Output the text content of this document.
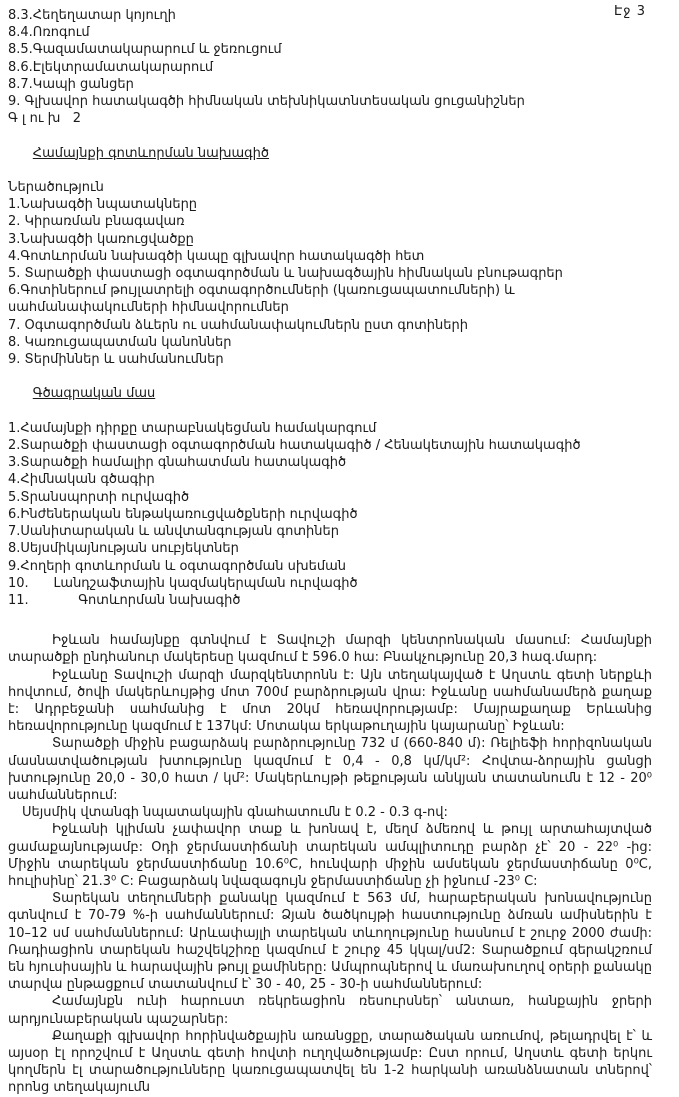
Էջ 3
8.3.Հեղեղատար կոյուղի
8.4.Ոռոգում
8.5.Գազամատակարարում և ջեռուցում
8.6.Էլեկտրամատակարարում
8.7.Կապի ցանցեր
9. Գլխավոր հատակագծի հիմնական տեխնիկատնտեսական ցուցանիշներ
Գ լ ու խ   2

Համայնքի գոտևորման նախագիծ

Ներածություն
1.Նախագծի նպատակները
2. Կիրառման բնագավառ
3.Նախագծի կառուցվածքը
4.Գոտևորման նախագծի կապը գլխավոր հատակագծի հետ
5. Տարածքի փաստացի օգտագործման և նախագծային հիմնական բնութագրեր
6.Գոտիներում թույլատրելի օգտագործումների (կառուցապատումների) և սահմանափակումների հիմնավորումներ
7. Օգտագործման ձևերն ու սահմանափակումներն ըստ գոտիների
8. Կառուցապատման կանոններ
9. Տերմիններ և սահմանումներ

Գծագրական մաս

1.Համայնքի դիրքը տարաբնակեցման համակարգում
2.Տարածքի փաստացի օգտագործման հատակագիծ / Հենակետային հատակագիծ
3.Տարածքի համալիր գնահատման հատակագիծ
4.Հիմնական գծագիր
5.Տրանսպորտի ուրվագիծ
6.Ինժեներական ենթակառուցվածքների ուրվագիծ
7.Սանիտարական և անվտանգության գոտիներ
8.Սեյսմիկայնության սուբյեկտներ
9.Հողերի գոտևորման և օգտագործման սխեման
10.      Լանդշաֆտային կազմակերպման ուրվագիծ
11.            Գոտևորման նախագիծ

Իջևան համայնքը գտնվում է Տավուշի մարզի կենտրոնական մասում: Համայնքի տարածքի ընդհանուր մակերեսը կազմում է 596.0 հա: Բնակչությունը 20,3 հազ.մարդ:

Իջևանը Տավուշի մարզի մարզկենտրոնն է: Այն տեղակայված է Աղստև գետի ներքևի հովտում, ծովի մակերևույթից մոտ 700մ բարձրության վրա: Իջևանը սահմանամերձ քաղաք է: Ադրբեջանի սահմանից է մոտ 20կմ հեռավորությամբ: Մայրաքաղաք Երևանից հեռավորությունը կազմում է 137կմ: Մոտակա երկաթուղային կայարանը՝ Իջևան:

Տարածքի միջին բացարձակ բարձրությունը 732 մ (660-840 մ): Ռելիեֆի հորիզոնական մասնատվածության խտությունը կազմում է 0,4 - 0,8 կմ/կմ²: Հովտա-ձորային ցանցի խտությունը 20,0 - 30,0 հատ / կմ²: Մակերևույթի թեքության անկյան տատանումն է 12 - 20⁰ սահմաններում:

Սեյսմիկ վտանգի նպատակային գնահատումն է 0.2 - 0.3 գ-ով:

Իջևանի կլիման չափավոր տաք և խոնավ է, մեղմ ձմեռով և թույլ արտահայտված ցամաքայնությամբ: Օդի ջերմաստիճանի տարեկան ամպլիտուդը բարձր չէ՝ 20 - 22⁰ -ից: Միջին տարեկան ջերմաստիճանը 10.6⁰C, հունվարի միջին ամսեկան ջերմաստիճանը 0⁰C, հուլիսինը՝ 21.3⁰ C: Բացարձակ նվազագույն ջերմաստիճանը չի իջնում -23⁰ C:

Տարեկան տեղումների քանակը կազմում է 563 մմ, հարաբերական խոնավությունը գտնվում է 70-79 %-ի սահմաններում: Ձյան ծածկույթի հաստությունը ձմռան ամիսներին է 10–12 սմ սահմաններում: Արևափայլի տարեկան տևողությունը հասնում է շուրջ 2000 ժամի: Ռադիացիոն տարեկան հաշվեկշիռը կազմում է շուրջ 45 կկալ/սմ2: Տարածքում գերակշռում են հյուսիսային և հարավային թույլ քամիները: Ամպրոպներով և մառախուղով օրերի քանակը տարվա ընթացքում տատանվում է՝ 30 - 40, 25 - 30-ի սահմաններում:

Համայնքն ունի հարուստ ռեկրեացիոն ռեսուրսներ՝ անտառ, հանքային ջրերի արդյունաբերական պաշարներ:

Քաղաքի գլխավոր հորինվածքային առանցքը, տարածական առումով, թելադրվել է՝ և այսօր էլ որոշվում է Աղստև գետի հովտի ուղղվածությամբ: Ըստ որում, Աղստև գետի երկու կողմերն էլ տարածությունները կառուցապատվել են 1-2 հարկանի առանձնատան տներով՝ որոնց տեղակայումն
